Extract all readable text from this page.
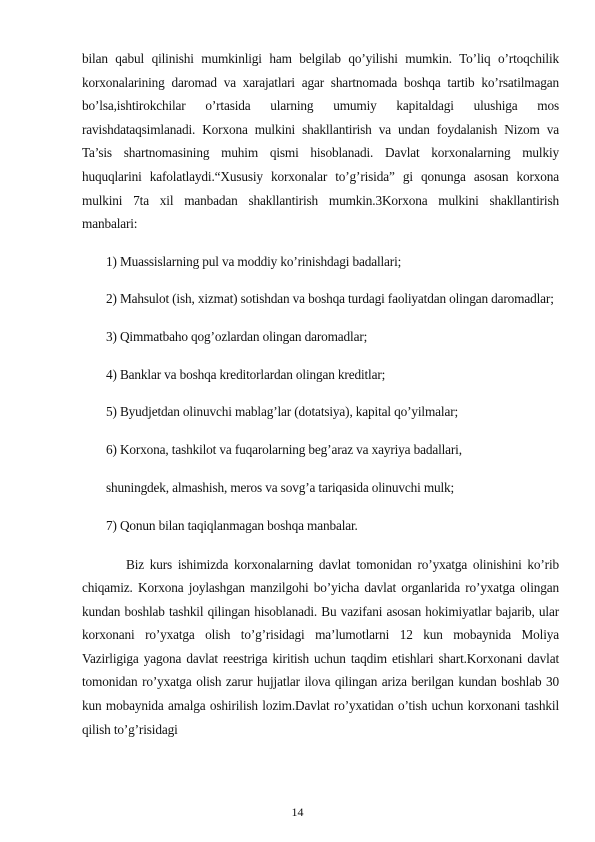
bilan qabul qilinishi mumkinligi ham belgilab qo’yilishi mumkin. To’liq o’rtoqchilik korxonalarining daromad va xarajatlari agar shartnomada boshqa tartib ko’rsatilmagan bo’lsa,ishtirokchilar o’rtasida ularning umumiy kapitaldagi ulushiga mos ravishdataqsimlanadi. Korxona mulkini shakllantirish va undan foydalanish Nizom va Ta’sis shartnomasining muhim qismi hisoblanadi. Davlat korxonalarning mulkiy huquqlarini kafolatlaydi.“Xususiy korxonalar to’g’risida” gi qonunga asosan korxona mulkini 7ta xil manbadan shakllantirish mumkin.3Korxona mulkini shakllantirish manbalari:

1) Muassislarning pul va moddiy ko’rinishdagi badallari;

2) Mahsulot (ish, xizmat) sotishdan va boshqa turdagi faoliyatdan olingan daromadlar;

3) Qimmatbaho qog’ozlardan olingan daromadlar;

4) Banklar va boshqa kreditorlardan olingan kreditlar;

5) Byudjetdan olinuvchi mablag’lar (dotatsiya), kapital qo’yilmalar;

6) Korxona, tashkilot va fuqarolarning beg’araz va xayriya badallari,

shuningdek, almashish, meros va sovg’a tariqasida olinuvchi mulk;

7) Qonun bilan taqiqlanmagan boshqa manbalar.

Biz kurs ishimizda korxonalarning davlat tomonidan ro’yxatga olinishini ko’rib chiqamiz. Korxona joylashgan manzilgohi bo’yicha davlat organlarida ro’yxatga olingan kundan boshlab tashkil qilingan hisoblanadi. Bu vazifani asosan hokimiyatlar bajarib, ular korxonani ro’yxatga olish to’g’risidagi ma’lumotlarni 12 kun mobaynida Moliya Vazirligiga yagona davlat reestriga kiritish uchun taqdim etishlari shart.Korxonani davlat tomonidan ro’yxatga olish zarur hujjatlar ilova qilingan ariza berilgan kundan boshlab 30 kun mobaynida amalga oshirilish lozim.Davlat ro’yxatidan o’tish uchun korxonani tashkil qilish to’g’risidagi

14
